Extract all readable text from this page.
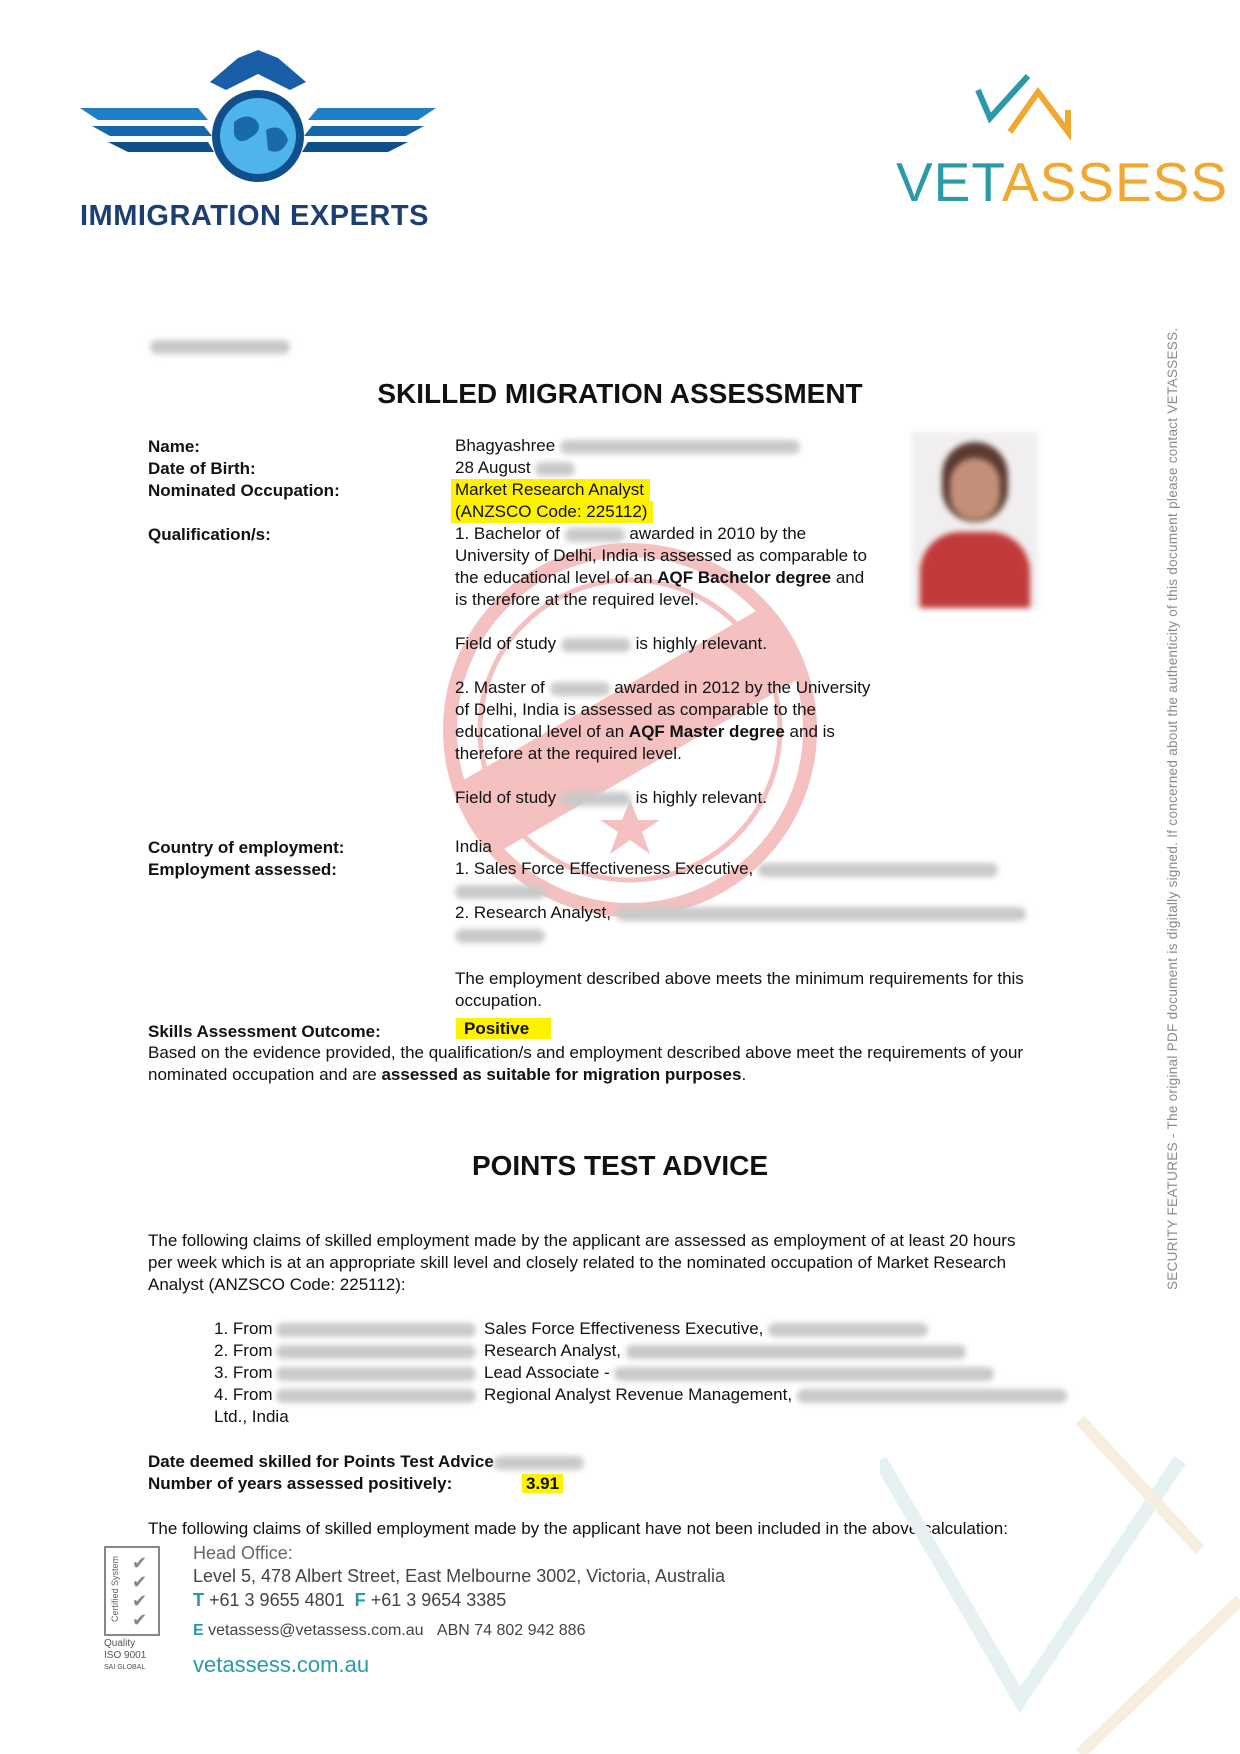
IMMIGRATION EXPERTS
VETASSESS
SECURITY FEATURES - The original PDF document is digitally signed. If concerned about the authenticity of this document please contact VETASSESS.
SKILLED MIGRATION ASSESSMENT
Name:	Bhagyashree
Date of Birth:	28 August
Nominated Occupation:	Market Research Analyst
(ANZSCO Code: 225112)
Qualification/s:	1. Bachelor of	awarded in 2010 by the
University of Delhi, India is assessed as comparable to
the educational level of an AQF Bachelor degree and
is therefore at the required level.
Field of study	is highly relevant.
2. Master of	awarded in 2012 by the University
of Delhi, India is assessed as comparable to the
educational level of an AQF Master degree and is
therefore at the required level.
Field of study	is highly relevant.
Country of employment:	India
Employment assessed:	1. Sales Force Effectiveness Executive,

2. Research Analyst,

The employment described above meets the minimum requirements for this
occupation.
Skills Assessment Outcome:	Positive
Based on the evidence provided, the qualification/s and employment described above meet the requirements of your
nominated occupation and are assessed as suitable for migration purposes.
POINTS TEST ADVICE
The following claims of skilled employment made by the applicant are assessed as employment of at least 20 hours
per week which is at an appropriate skill level and closely related to the nominated occupation of Market Research
Analyst (ANZSCO Code: 225112):
1. From	Sales Force Effectiveness Executive,
2. From	Research Analyst,
3. From	Lead Associate -
4. From	Regional Analyst Revenue Management,
Ltd., India
Date deemed skilled for Points Test Advice
Number of years assessed positively:	3.91
The following claims of skilled employment made by the applicant have not been included in the above calculation:
Certified System ✔
✔
✔
✔
Quality
ISO 9001
SAI GLOBAL
Head Office:
Level 5, 478 Albert Street, East Melbourne 3002, Victoria, Australia
T +61 3 9655 4801 F +61 3 9654 3385
E vetassess@vetassess.com.au ABN 74 802 942 886
vetassess.com.au
